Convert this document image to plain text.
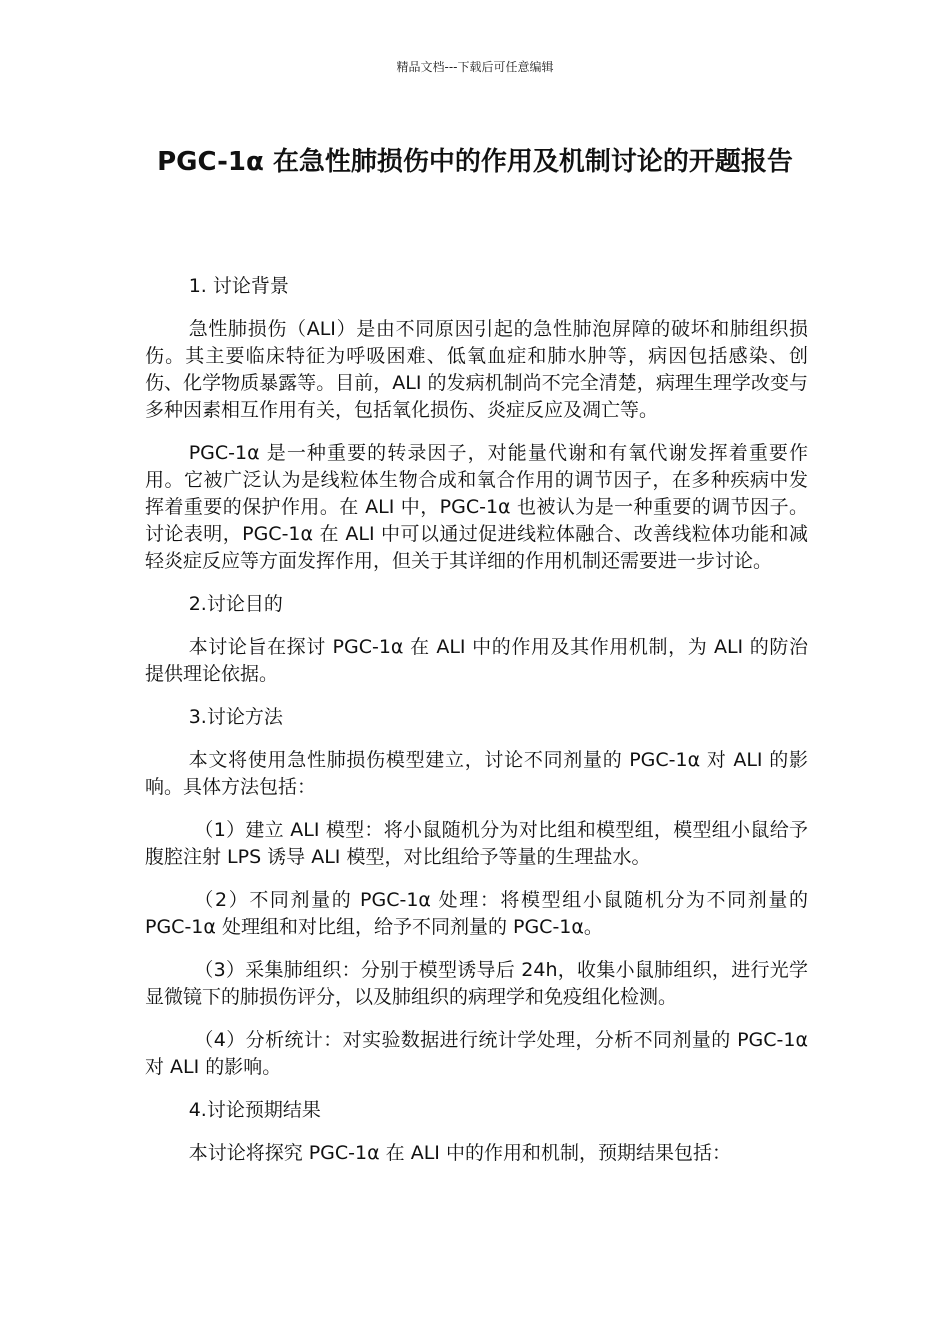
精品文档---下载后可任意编辑
PGC-1α 在急性肺损伤中的作用及机制讨论的开题报告

1. 讨论背景

急性肺损伤（ALI）是由不同原因引起的急性肺泡屏障的破坏和肺组织损伤。其主要临床特征为呼吸困难、低氧血症和肺水肿等，病因包括感染、创伤、化学物质暴露等。目前，ALI 的发病机制尚不完全清楚，病理生理学改变与多种因素相互作用有关，包括氧化损伤、炎症反应及凋亡等。

PGC-1α 是一种重要的转录因子，对能量代谢和有氧代谢发挥着重要作用。它被广泛认为是线粒体生物合成和氧合作用的调节因子，在多种疾病中发挥着重要的保护作用。在 ALI 中，PGC-1α 也被认为是一种重要的调节因子。讨论表明，PGC-1α 在 ALI 中可以通过促进线粒体融合、改善线粒体功能和减轻炎症反应等方面发挥作用，但关于其详细的作用机制还需要进一步讨论。

2.讨论目的

本讨论旨在探讨 PGC-1α 在 ALI 中的作用及其作用机制，为 ALI 的防治提供理论依据。

3.讨论方法

本文将使用急性肺损伤模型建立，讨论不同剂量的 PGC-1α 对 ALI 的影响。具体方法包括：

（1）建立 ALI 模型：将小鼠随机分为对比组和模型组，模型组小鼠给予腹腔注射 LPS 诱导 ALI 模型，对比组给予等量的生理盐水。

（2）不同剂量的 PGC-1α 处理：将模型组小鼠随机分为不同剂量的 PGC-1α 处理组和对比组，给予不同剂量的 PGC-1α。

（3）采集肺组织：分别于模型诱导后 24h，收集小鼠肺组织，进行光学显微镜下的肺损伤评分，以及肺组织的病理学和免疫组化检测。

（4）分析统计：对实验数据进行统计学处理，分析不同剂量的 PGC-1α 对 ALI 的影响。

4.讨论预期结果

本讨论将探究 PGC-1α 在 ALI 中的作用和机制，预期结果包括：
